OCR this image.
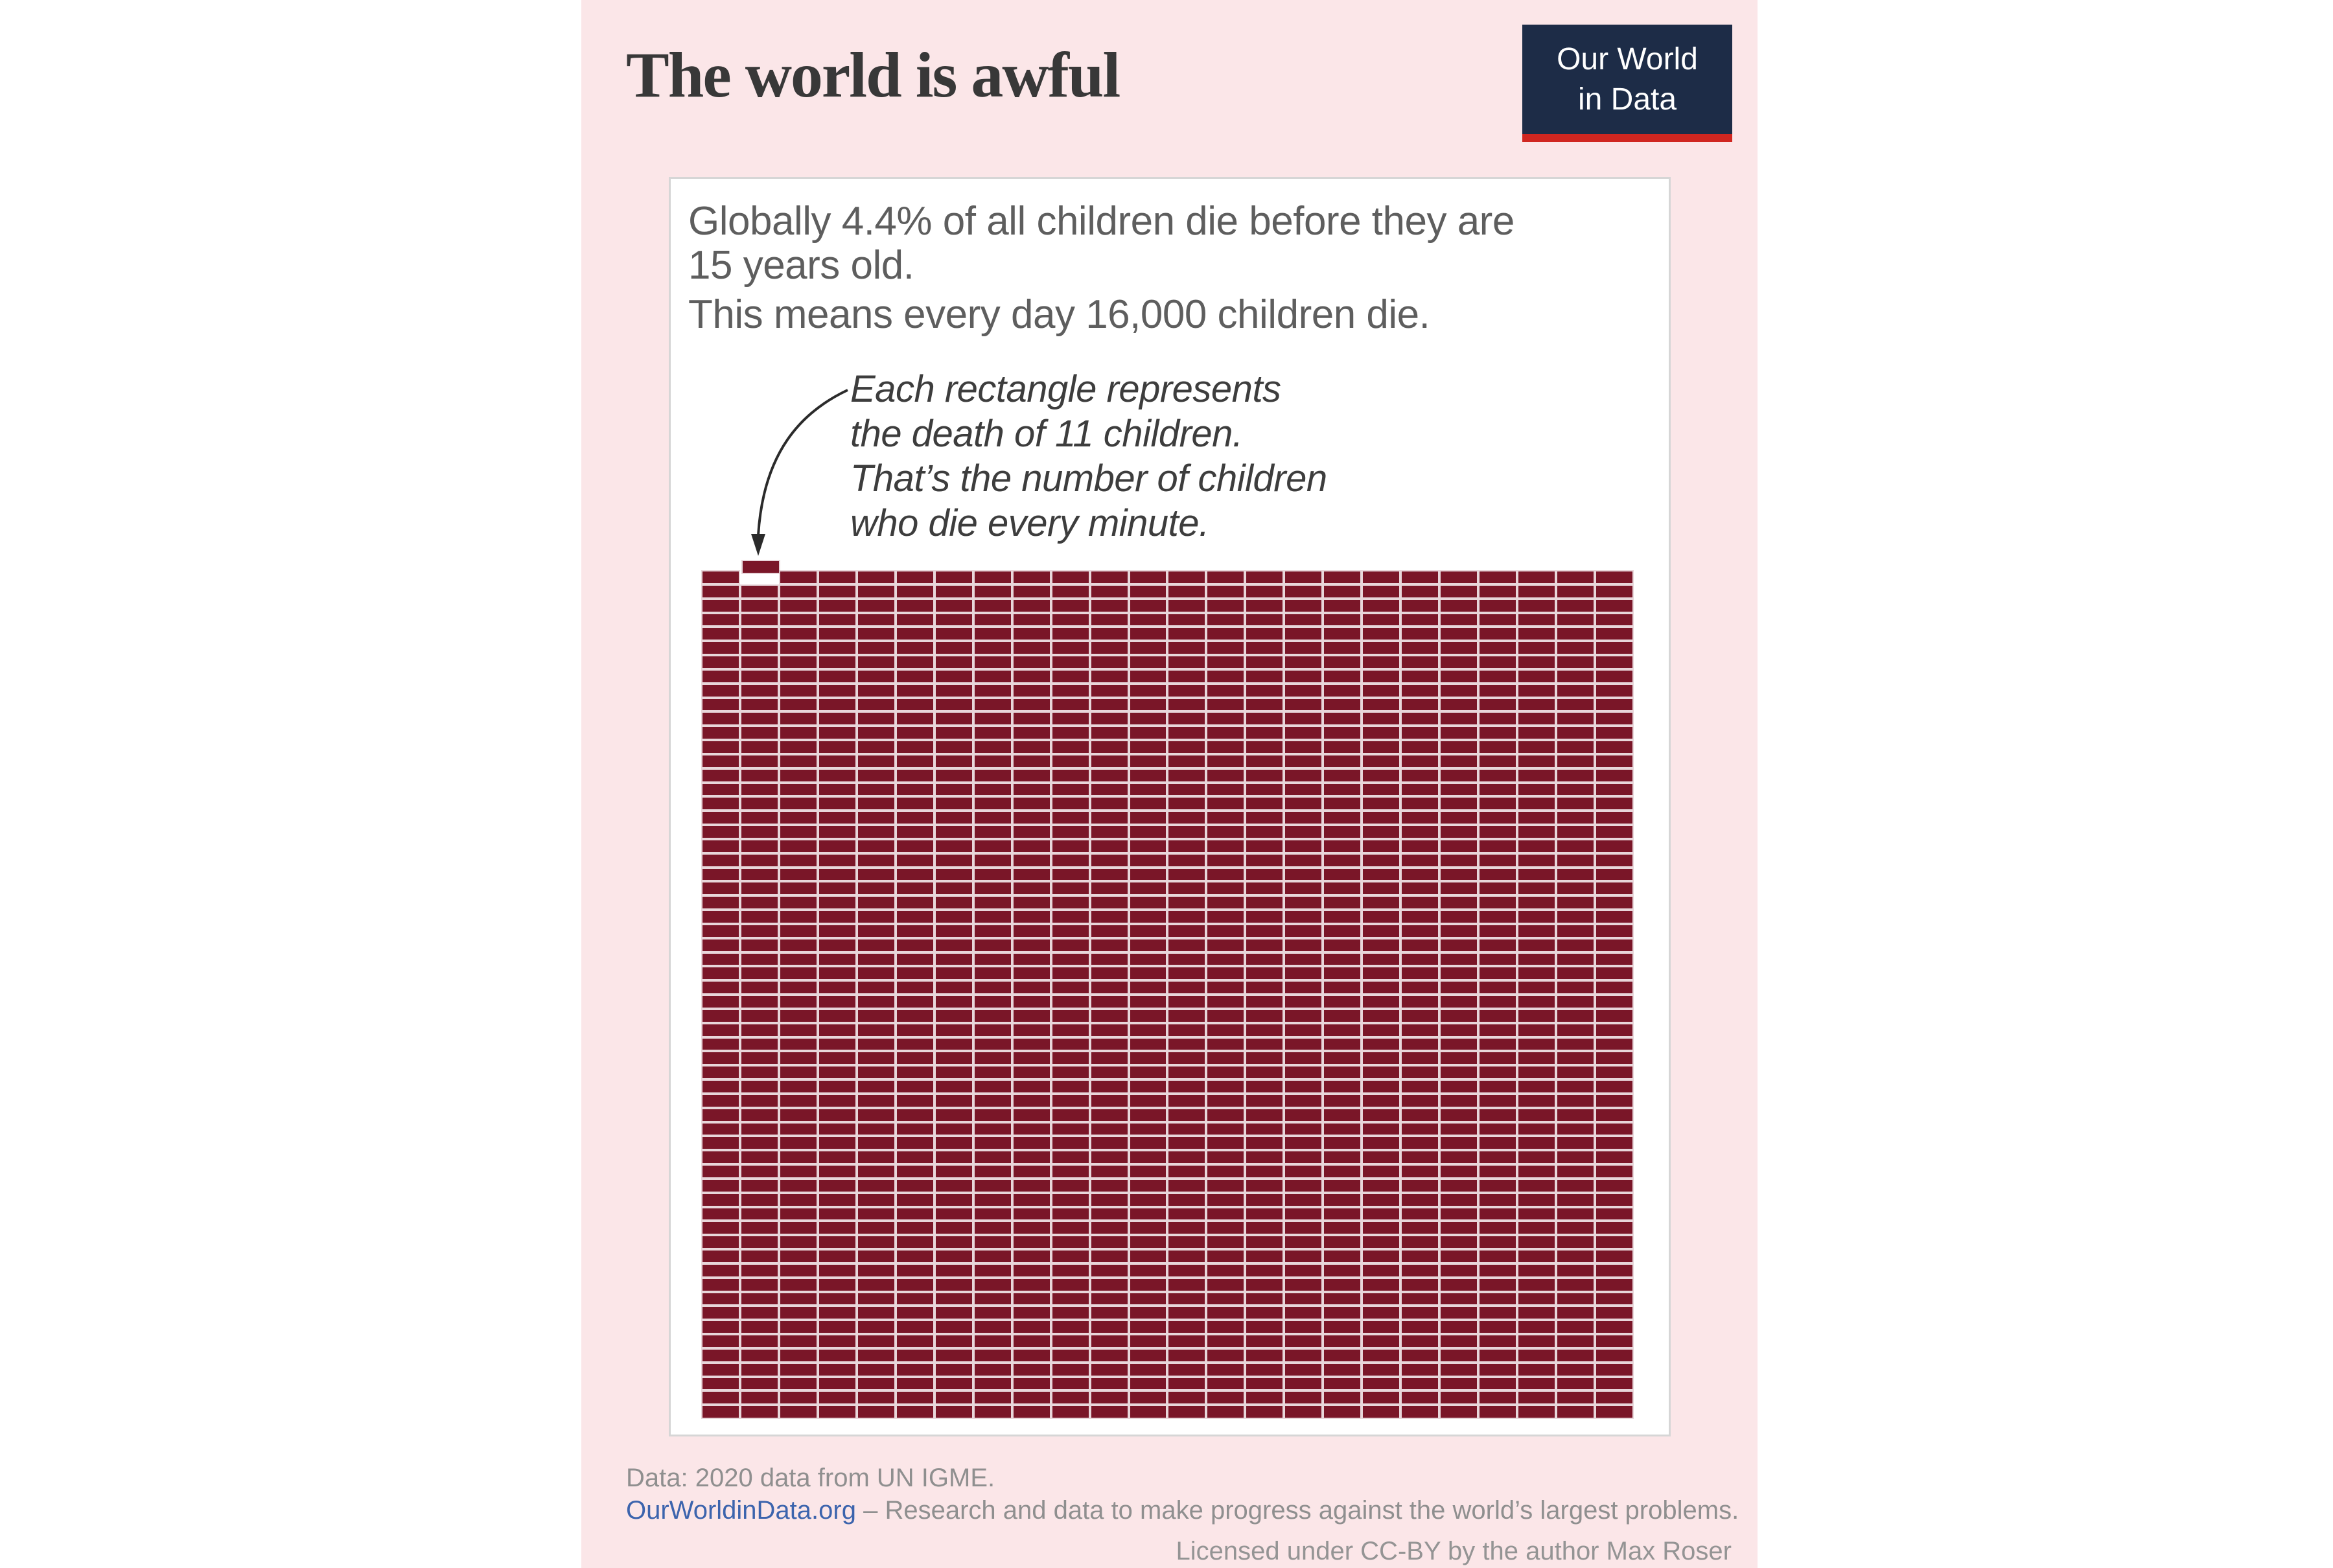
The world is awful	Our World
in Data
Globally 4.4% of all children die before they are
15 years old.
This means every day 16,000 children die.
Each rectangle represents
the death of 11 children.
That’s the number of children
who die every minute.
Data: 2020 data from UN IGME.
OurWorldinData.org – Research and data to make progress against the world’s largest problems.
Licensed under CC-BY by the author Max Roser
